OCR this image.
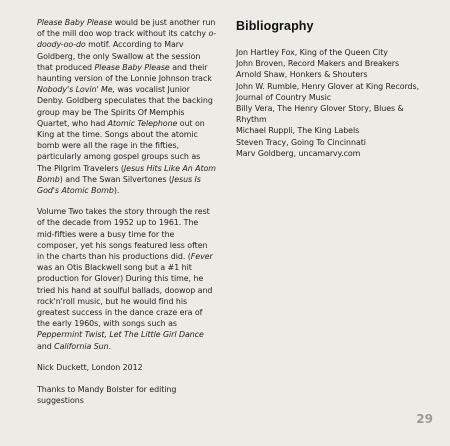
Please Baby Please would be just another run of the mill doo wop track without its catchy o-doody-oo-do motif. According to Marv Goldberg, the only Swallow at the session that produced Please Baby Please and their haunting version of the Lonnie Johnson track Nobody's Lovin' Me, was vocalist Junior Denby. Goldberg speculates that the backing group may be The Spirits Of Memphis Quartet, who had Atomic Telephone out on King at the time. Songs about the atomic bomb were all the rage in the fifties, particularly among gospel groups such as The Pilgrim Travelers (Jesus Hits Like An Atom Bomb) and The Swan Silvertones (Jesus Is God's Atomic Bomb).

Volume Two takes the story through the rest of the decade from 1952 up to 1961. The mid-fifties were a busy time for the composer, yet his songs featured less often in the charts than his productions did. (Fever was an Otis Blackwell song but a #1 hit production for Glover) During this time, he tried his hand at soulful ballads, doowop and rock'n'roll music, but he would find his greatest success in the dance craze era of the early 1960s, with songs such as Peppermint Twist, Let The Little Girl Dance and California Sun.

Nick Duckett, London 2012

Thanks to Mandy Bolster for editing suggestions

Bibliography
Jon Hartley Fox, King of the Queen City
John Broven, Record Makers and Breakers
Arnold Shaw, Honkers & Shouters
John W. Rumble, Henry Glover at King Records, Journal of Country Music
Billy Vera, The Henry Glover Story, Blues & Rhythm
Michael Ruppli, The King Labels
Steven Tracy, Going To Cincinnati
Marv Goldberg, uncamarvy.com
29
